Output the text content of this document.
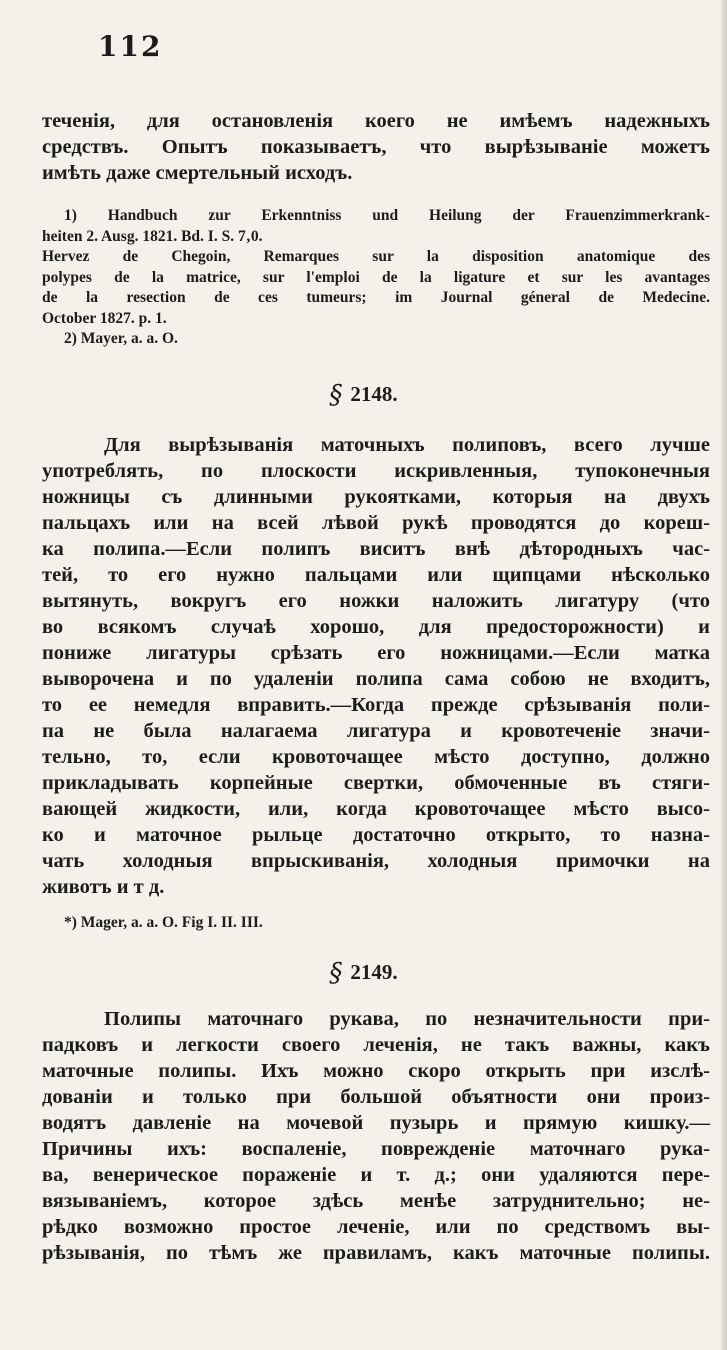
112
теченія, для остановленія коего не имѣемъ надежныхъ
средствъ. Опытъ показываетъ, что вырѣзываніе можетъ
имѣть даже смертельный исходъ.
1) Handbuch zur Erkenntniss und Heilung der Frauenzimmerkrank-
heiten 2. Ausg. 1821. Bd. I. S. 7‚0.
Hervez de Chegoin, Remarques sur la disposition anatomique des
polypes de la matrice, sur l'emploi de la ligature et sur les avantages
de la resection de ces tumeurs; im Journal géneral de Medecine.
October 1827. p. 1.
2) Mayer, a. a. O.
§ 2148.
Для вырѣзыванія маточныхъ полиповъ, всего лучше
употреблять, по плоскости искривленныя, тупоконечныя
ножницы съ длинными рукоятками, которыя на двухъ
пальцахъ или на всей лѣвой рукѣ проводятся до кореш-
ка полипа.—Если полипъ виситъ внѣ дѣтородныхъ час-
тей, то его нужно пальцами или щипцами нѣсколько
вытянуть, вокругъ его ножки наложить лигатуру (что
во всякомъ случаѣ хорошо, для предосторожности) и
пониже лигатуры срѣзать его ножницами.—Если матка
выворочена и по удаленіи полипа сама собою не входитъ,
то ее немедля вправить.—Когда прежде срѣзыванія поли-
па не была налагаема лигатура и кровотеченіе значи-
тельно, то, если кровоточащее мѣсто доступно, должно
прикладывать корпейные свертки, обмоченные въ стяги-
вающей жидкости, или, когда кровоточащее мѣсто высо-
ко и маточное рыльце достаточно открыто, то назна-
чать холодныя впрыскиванія, холодныя примочки на
животъ и т д.
*) Mager, a. a. O. Fig I. II. III.
§ 2149.
Полипы маточнаго рукава, по незначительности при-
падковъ и легкости своего леченія, не такъ важны, какъ
маточные полипы. Ихъ можно скоро открыть при изслѣ-
дованіи и только при большой объятности они произ-
водятъ давленіе на мочевой пузырь и прямую кишку.—
Причины ихъ: воспаленіе, поврежденіе маточнаго рука-
ва, венерическое пораженіе и т. д.; они удаляются пере-
вязываніемъ, которое здѣсь менѣе затруднительно; не-
рѣдко возможно простое леченіе, или по средствомъ вы-
рѣзыванія, по тѣмъ же правиламъ, какъ маточные полипы.
